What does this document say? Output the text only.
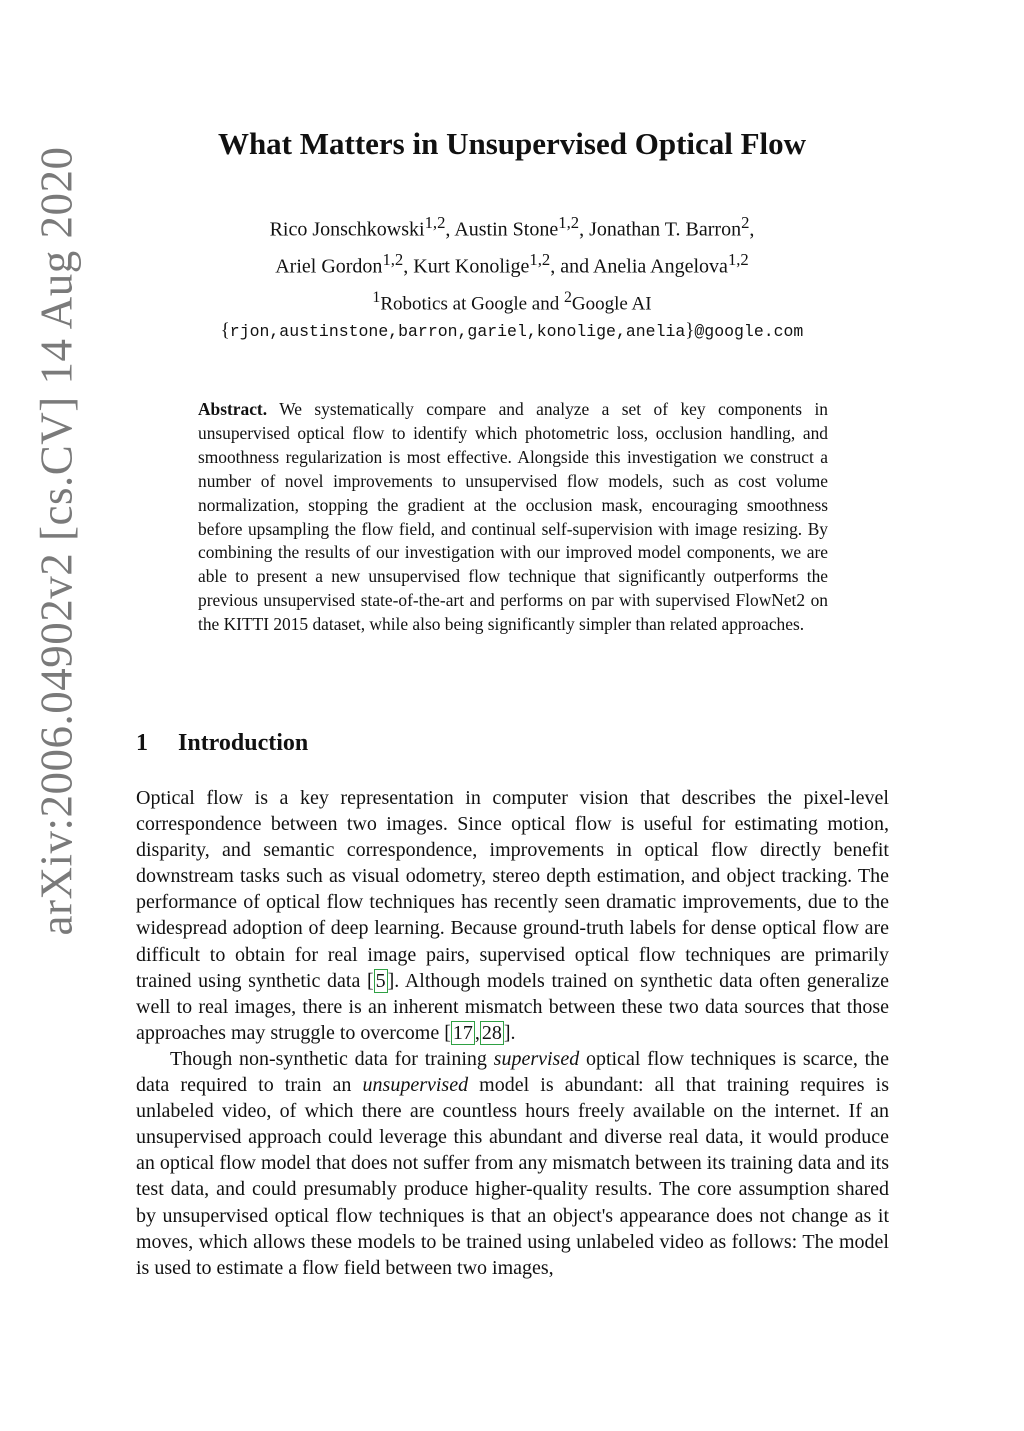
arXiv:2006.04902v2 [cs.CV] 14 Aug 2020
What Matters in Unsupervised Optical Flow
Rico Jonschkowski$^{1,2}$, Austin Stone$^{1,2}$, Jonathan T. Barron$^2$,
Ariel Gordon$^{1,2}$, Kurt Konolige$^{1,2}$, and Anelia Angelova$^{1,2}$
$^1$Robotics at Google and $^2$Google AI
{rjon,austinstone,barron,gariel,konolige,anelia}@google.com
Abstract. We systematically compare and analyze a set of key components in unsupervised optical flow to identify which photometric loss, occlusion handling, and smoothness regularization is most effective. Alongside this investigation we construct a number of novel improvements to unsupervised flow models, such as cost volume normalization, stopping the gradient at the occlusion mask, encouraging smoothness before upsampling the flow field, and continual self-supervision with image resizing. By combining the results of our investigation with our improved model components, we are able to present a new unsupervised flow technique that significantly outperforms the previous unsupervised state-of-the-art and performs on par with supervised FlowNet2 on the KITTI 2015 dataset, while also being significantly simpler than related approaches.
1 Introduction

Optical flow is a key representation in computer vision that describes the pixel-level correspondence between two images. Since optical flow is useful for estimating motion, disparity, and semantic correspondence, improvements in optical flow directly benefit downstream tasks such as visual odometry, stereo depth estimation, and object tracking. The performance of optical flow techniques has recently seen dramatic improvements, due to the widespread adoption of deep learning. Because ground-truth labels for dense optical flow are difficult to obtain for real image pairs, supervised optical flow techniques are primarily trained using synthetic data [ 5 ]. Although models trained on synthetic data often generalize well to real images, there is an inherent mismatch between these two data sources that those approaches may struggle to overcome [ 17 , 28 ].

Though non-synthetic data for training supervised optical flow techniques is scarce, the data required to train an unsupervised model is abundant: all that training requires is unlabeled video, of which there are countless hours freely available on the internet. If an unsupervised approach could leverage this abundant and diverse real data, it would produce an optical flow model that does not suffer from any mismatch between its training data and its test data, and could presumably produce higher-quality results. The core assumption shared by unsupervised optical flow techniques is that an object's appearance does not change as it moves, which allows these models to be trained using unlabeled video as follows: The model is used to estimate a flow field between two images,
